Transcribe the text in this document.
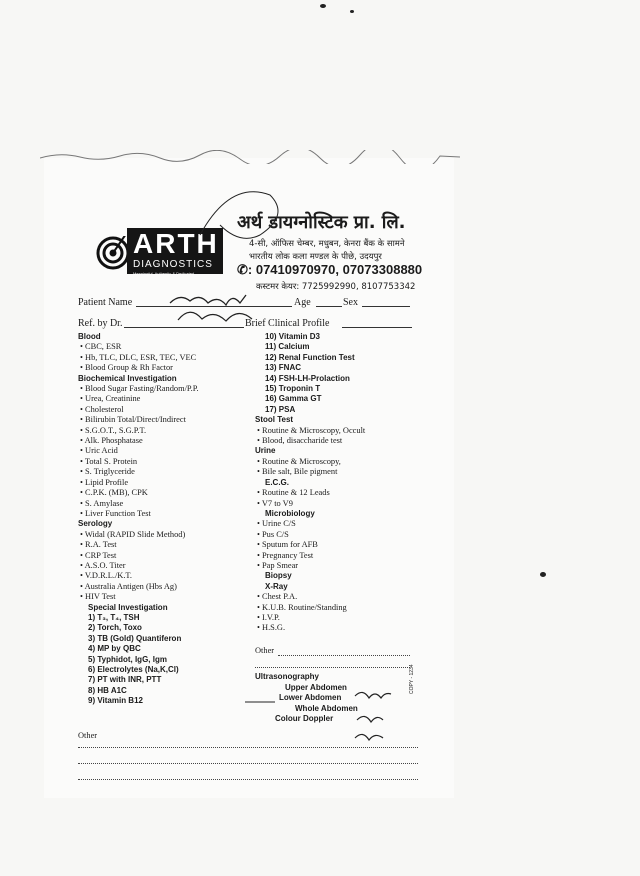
ARTH
DIAGNOSTICS
Meaningful, Authentic & Dedicated
अर्थ डायग्नोस्टिक प्रा. लि.
4-सी, ऑफिस चेम्बर, मधुबन, केनरा बैंक के सामने
भारतीय लोक कला मण्डल के पीछे, उदयपुर
✆: 07410970970, 07073308880
कस्टमर केयर: 7725992990, 8107753342
Patient Name	Age	Sex
Ref. by Dr.	Brief Clinical Profile
Blood
• CBC, ESR
• Hb, TLC, DLC, ESR, TEC, VEC
• Blood Group & Rh Factor
Biochemical Investigation
• Blood Sugar Fasting/Random/P.P.
• Urea, Creatinine
• Cholesterol
• Bilirubin Total/Direct/Indirect
• S.G.O.T., S.G.P.T.
• Alk. Phosphatase
• Uric Acid
• Total S. Protein
• S. Triglyceride
• Lipid Profile
• C.P.K. (MB), CPK
• S. Amylase
• Liver Function Test
Serology
• Widal (RAPID Slide Method)
• R.A. Test
• CRP Test
• A.S.O. Titer
• V.D.R.L./K.T.
• Australia Antigen (Hbs Ag)
• HIV Test
Special Investigation
1) T₃, T₄, TSH
2) Torch, Toxo
3) TB (Gold) Quantiferon
4) MP by QBC
5) Typhidot, IgG, Igm
6) Electrolytes (Na,K,Cl)
7) PT with INR, PTT
8) HB A1C
9) Vitamin B12
10) Vitamin D3
11) Calcium
12) Renal Function Test
13) FNAC
14) FSH-LH-Prolaction
15) Troponin T
16) Gamma GT
17) PSA
Stool Test
• Routine & Microscopy, Occult
• Blood, disaccharide test
Urine
• Routine & Microscopy,
• Bile salt, Bile pigment
E.C.G.
• Routine & 12 Leads
• V7 to V9
Microbiology
• Urine C/S
• Pus C/S
• Sputum for AFB
• Pregnancy Test
• Pap Smear
Biopsy
X-Ray
• Chest P.A.
• K.U.B. Routine/Standing
• I.V.P.
• H.S.G.
Other
Ultrasonography
Upper Abdomen
Lower Abdomen
Whole Abdomen
Colour Doppler
Other
COPY - 1234
